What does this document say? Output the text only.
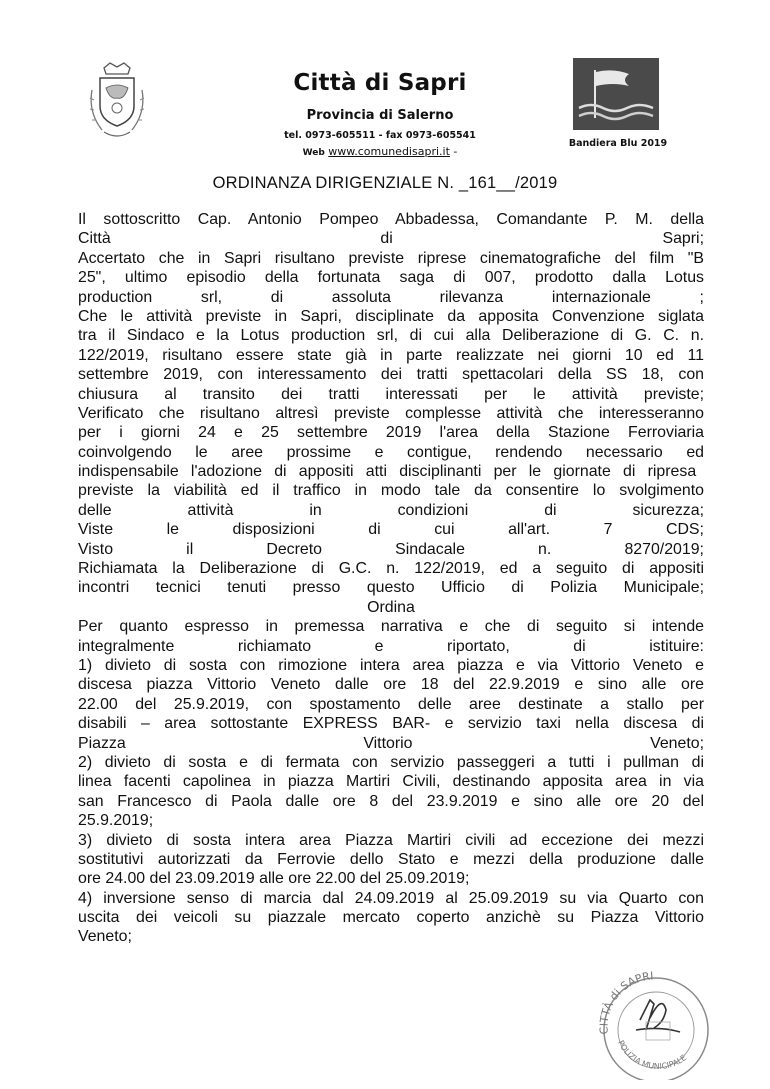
Città di Sapri
Provincia di Salerno
tel. 0973-605511 - fax 0973-605541
Web www.comunedisapri.it -
Bandiera Blu 2019
ORDINANZA DIRIGENZIALE N. _161__/2019
Il sottoscritto Cap. Antonio Pompeo Abbadessa, Comandante P. M. della
Città	di	Sapri;
Accertato che in Sapri risultano previste riprese cinematografiche del film "B
25", ultimo episodio della fortunata saga di 007, prodotto dalla Lotus
production	srl,	di	assoluta	rilevanza	internazionale	;
Che le attività previste in Sapri, disciplinate da apposita Convenzione siglata
tra il Sindaco e la Lotus production srl, di cui alla Deliberazione di G. C. n.
122/2019, risultano essere state già in parte realizzate nei giorni 10 ed 11
settembre 2019, con interessamento dei tratti spettacolari della SS 18, con
chiusura al transito dei tratti interessati per le attività previste;
Verificato che risultano altresì previste complesse attività che interesseranno
per i giorni 24 e 25 settembre 2019 l'area della Stazione Ferroviaria
coinvolgendo le aree prossime e contigue, rendendo necessario ed
indispensabile l'adozione di appositi atti disciplinanti per le giornate di ripresa
previste la viabilità ed il traffico in modo tale da consentire lo svolgimento
delle	attività	in	condizioni	di	sicurezza;
Viste	le	disposizioni	di	cui	all'art.	7	CDS;
Visto	il	Decreto	Sindacale	n.	8270/2019;
Richiamata la Deliberazione di G.C. n. 122/2019, ed a seguito di appositi
incontri tecnici tenuti presso questo Ufficio di Polizia Municipale;
Ordina
Per quanto espresso in premessa narrativa e che di seguito si intende
integralmente	richiamato	e	riportato,	di	istituire:
1) divieto di sosta con rimozione intera area piazza e via Vittorio Veneto e
discesa piazza Vittorio Veneto dalle ore 18 del 22.9.2019 e sino alle ore
22.00 del 25.9.2019, con spostamento delle aree destinate a stallo per
disabili – area sottostante EXPRESS BAR- e servizio taxi nella discesa di
Piazza	Vittorio	Veneto;
2) divieto di sosta e di fermata con servizio passeggeri a tutti i pullman di
linea facenti capolinea in piazza Martiri Civili, destinando apposita area in via
san Francesco di Paola dalle ore 8 del 23.9.2019 e sino alle ore 20 del
25.9.2019;
3) divieto di sosta intera area Piazza Martiri civili ad eccezione dei mezzi
sostitutivi autorizzati da Ferrovie dello Stato e mezzi della produzione dalle
ore 24.00 del 23.09.2019 alle ore 22.00 del 25.09.2019;
4) inversione senso di marcia dal 24.09.2019 al 25.09.2019 su via Quarto con
uscita dei veicoli su piazzale mercato coperto anzichè su Piazza Vittorio
Veneto;
CITTÀ di SAPRI
POLIZIA MUNICIPALE
